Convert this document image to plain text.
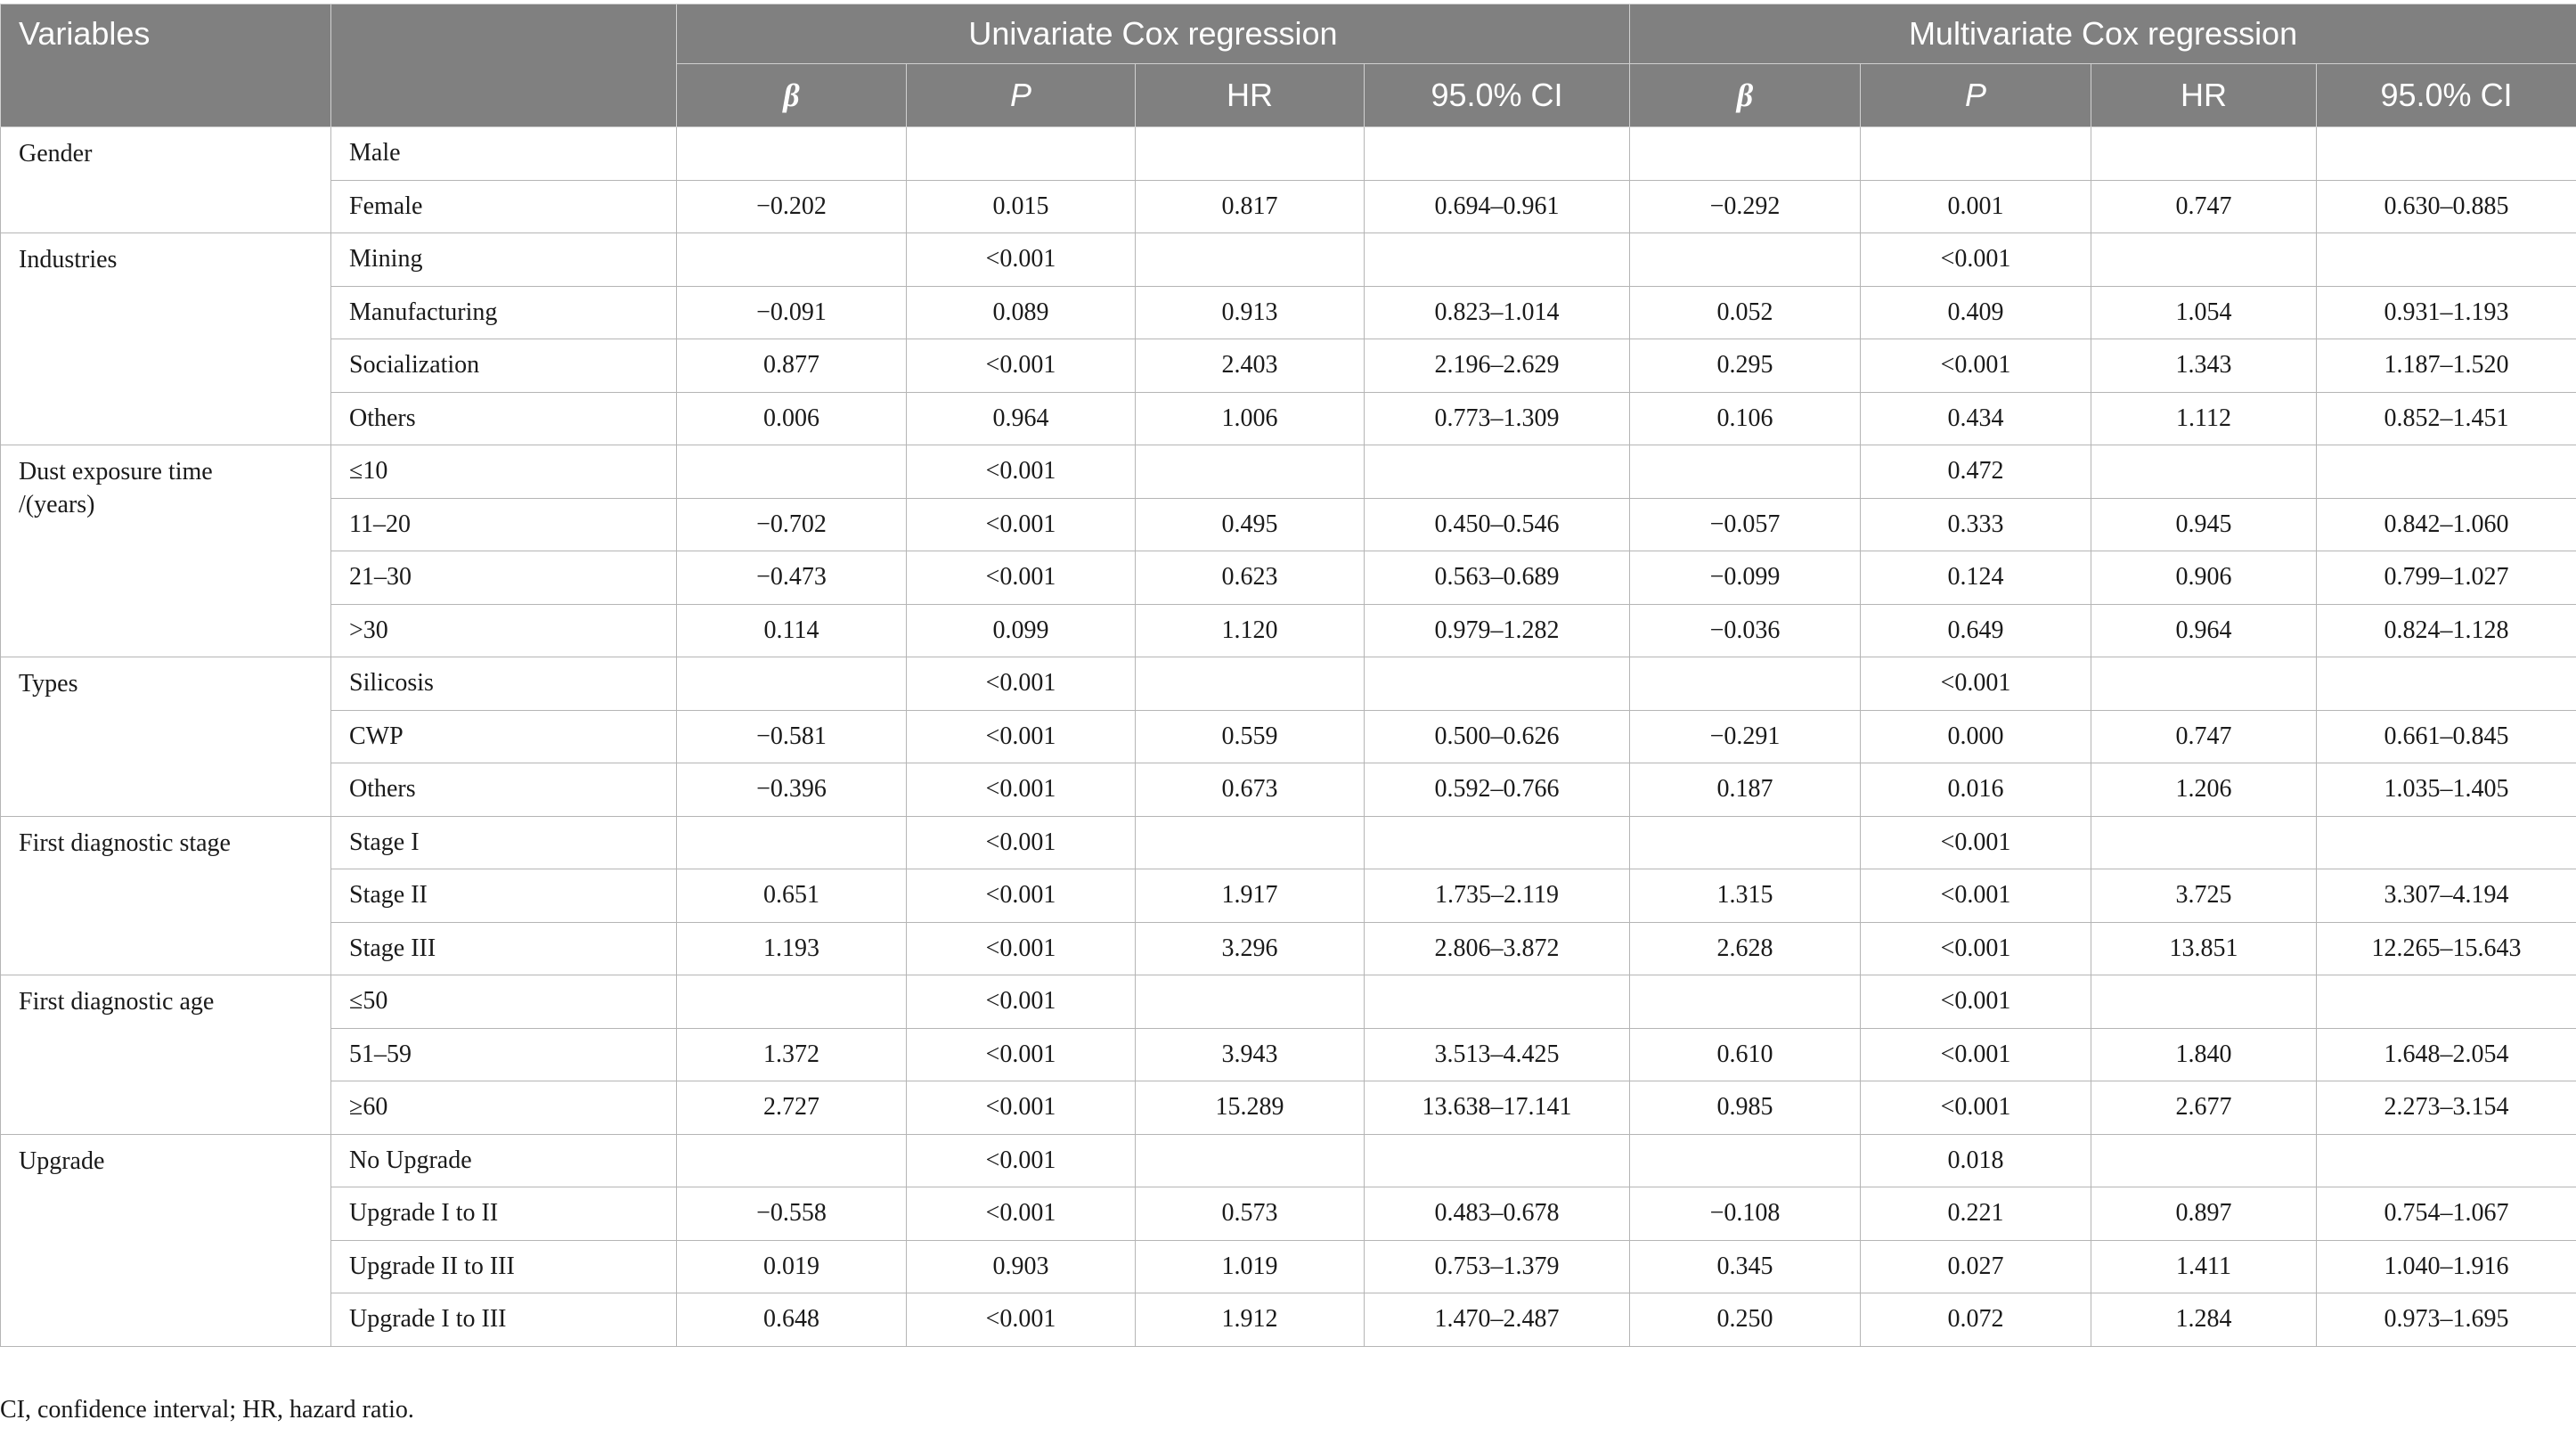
Variables		Univariate Cox regression				Multivariate Cox regression			
		β	P	HR	95.0% CI	β	P	HR	95.0% CI

Gender	Male								
	Female	−0.202	0.015	0.817	0.694–0.961	−0.292	0.001	0.747	0.630–0.885

Industries	Mining		<0.001				<0.001		
	Manufacturing	−0.091	0.089	0.913	0.823–1.014	0.052	0.409	1.054	0.931–1.193
	Socialization	0.877	<0.001	2.403	2.196–2.629	0.295	<0.001	1.343	1.187–1.520
	Others	0.006	0.964	1.006	0.773–1.309	0.106	0.434	1.112	0.852–1.451

Dust exposure time
/(years)	≤10		<0.001				0.472		
	11–20	−0.702	<0.001	0.495	0.450–0.546	−0.057	0.333	0.945	0.842–1.060
	21–30	−0.473	<0.001	0.623	0.563–0.689	−0.099	0.124	0.906	0.799–1.027
	>30	0.114	0.099	1.120	0.979–1.282	−0.036	0.649	0.964	0.824–1.128

Types	Silicosis		<0.001				<0.001		
	CWP	−0.581	<0.001	0.559	0.500–0.626	−0.291	0.000	0.747	0.661–0.845
	Others	−0.396	<0.001	0.673	0.592–0.766	0.187	0.016	1.206	1.035–1.405

First diagnostic stage	Stage I		<0.001				<0.001		
	Stage II	0.651	<0.001	1.917	1.735–2.119	1.315	<0.001	3.725	3.307–4.194
	Stage III	1.193	<0.001	3.296	2.806–3.872	2.628	<0.001	13.851	12.265–15.643

First diagnostic age	≤50		<0.001				<0.001		
	51–59	1.372	<0.001	3.943	3.513–4.425	0.610	<0.001	1.840	1.648–2.054
	≥60	2.727	<0.001	15.289	13.638–17.141	0.985	<0.001	2.677	2.273–3.154

Upgrade	No Upgrade		<0.001				0.018		
	Upgrade I to II	−0.558	<0.001	0.573	0.483–0.678	−0.108	0.221	0.897	0.754–1.067
	Upgrade II to III	0.019	0.903	1.019	0.753–1.379	0.345	0.027	1.411	1.040–1.916
	Upgrade I to III	0.648	<0.001	1.912	1.470–2.487	0.250	0.072	1.284	0.973–1.695
CI, confidence interval; HR, hazard ratio.
